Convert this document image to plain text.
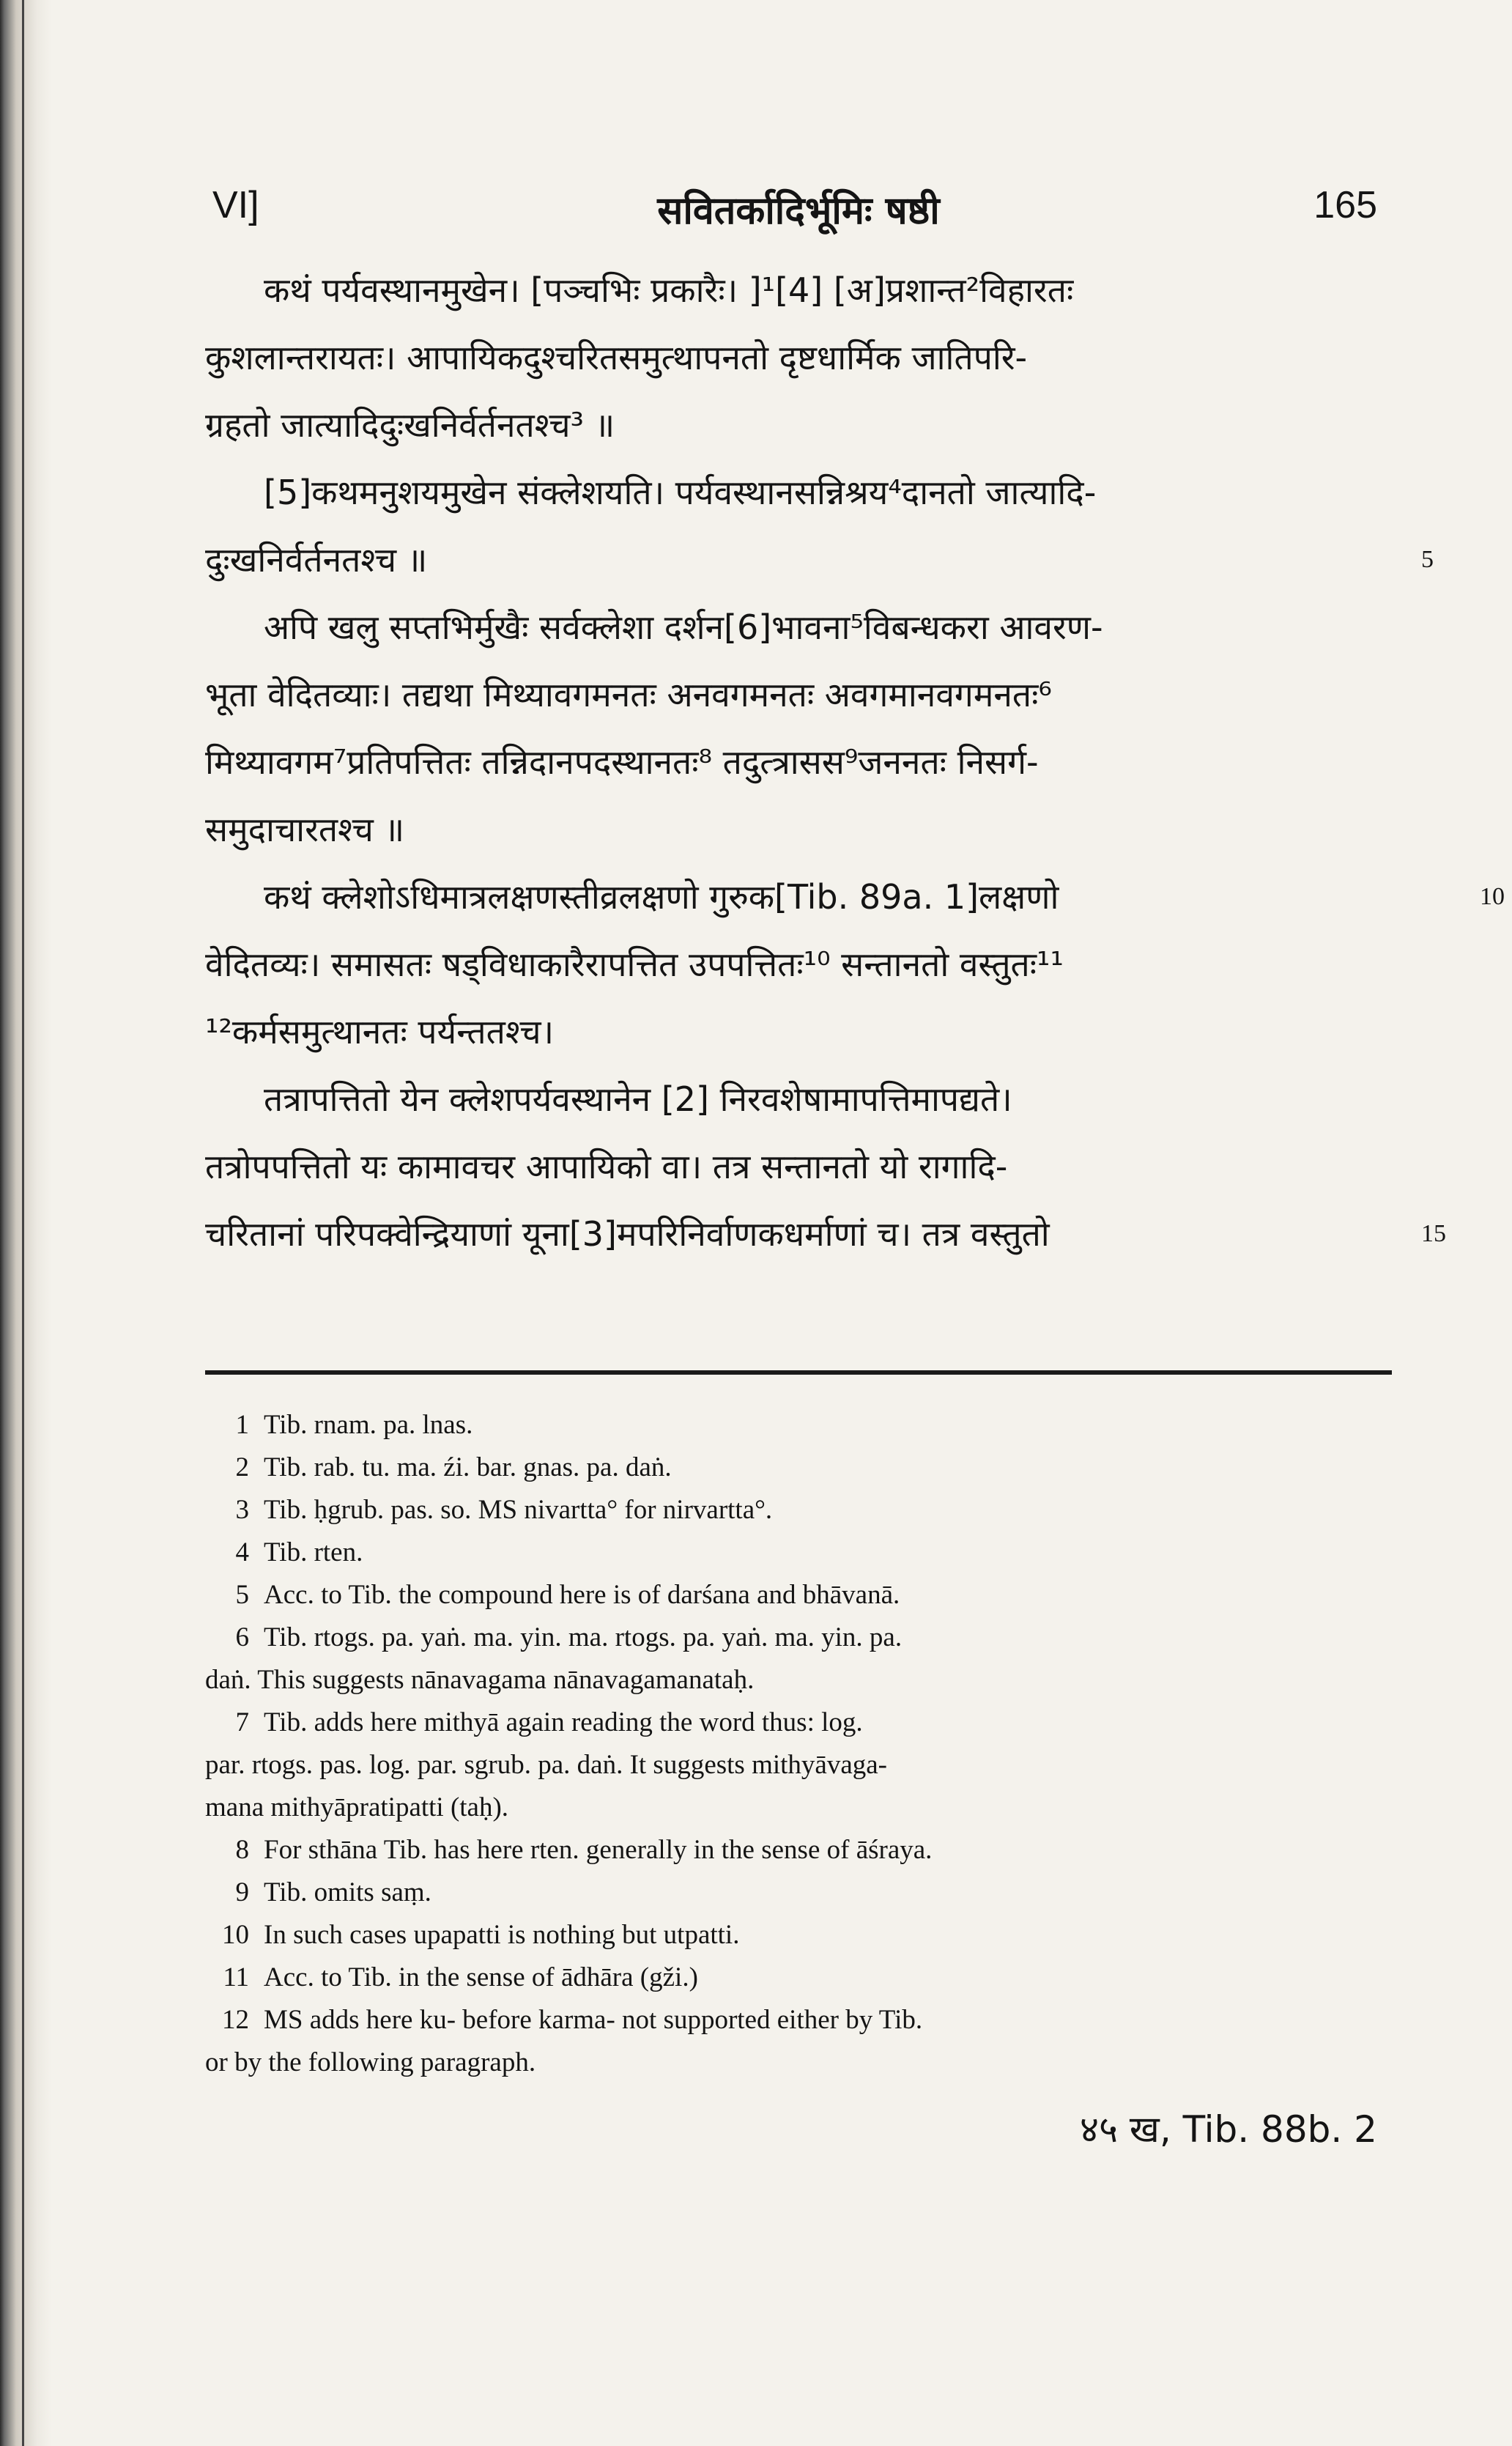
VI]	सवितर्कादिर्भूमिः षष्ठी	165
कथं पर्यवस्थानमुखेन। [पञ्चभिः प्रकारैः। ]¹[4] [अ]प्रशान्त²विहारतः
कुशलान्तरायतः। आपायिकदुश्चरितसमुत्थापनतो दृष्टधार्मिक जातिपरि-
ग्रहतो जात्यादिदुःखनिर्वर्तनतश्च³ ॥
[5]कथमनुशयमुखेन संक्लेशयति। पर्यवस्थानसन्निश्रय⁴दानतो जात्यादि-
दुःखनिर्वर्तनतश्च ॥	5
अपि खलु सप्तभिर्मुखैः सर्वक्लेशा दर्शन[6]भावना⁵विबन्धकरा आवरण-
भूता वेदितव्याः। तद्यथा मिथ्यावगमनतः अनवगमनतः अवगमानवगमनतः⁶
मिथ्यावगम⁷प्रतिपत्तितः तन्निदानपदस्थानतः⁸ तदुत्त्रासस⁹जननतः निसर्ग-
समुदाचारतश्च ॥
कथं क्लेशोऽधिमात्रलक्षणस्तीव्रलक्षणो गुरुक[Tib. 89a. 1]लक्षणो	10
वेदितव्यः। समासतः षड्विधाकारैरापत्तित उपपत्तितः¹⁰ सन्तानतो वस्तुतः¹¹
¹²कर्मसमुत्थानतः पर्यन्ततश्च।
तत्रापत्तितो येन क्लेशपर्यवस्थानेन [2] निरवशेषामापत्तिमापद्यते।
तत्रोपपत्तितो यः कामावचर आपायिको वा। तत्र सन्तानतो यो रागादि-
चरितानां परिपक्वेन्द्रियाणां यूना[3]मपरिनिर्वाणकधर्माणां च। तत्र वस्तुतो	15
1 Tib. rnam. pa. lnas.
2 Tib. rab. tu. ma. źi. bar. gnas. pa. daṅ.
3 Tib. ḥgrub. pas. so. MS nivartta° for nirvartta°.
4 Tib. rten.
5 Acc. to Tib. the compound here is of darśana and bhāvanā.
6 Tib. rtogs. pa. yaṅ. ma. yin. ma. rtogs. pa. yaṅ. ma. yin. pa.
daṅ. This suggests nānavagama nānavagamanataḥ.
7 Tib. adds here mithyā again reading the word thus: log.
par. rtogs. pas. log. par. sgrub. pa. daṅ. It suggests mithyāvaga-
mana mithyāpratipatti (taḥ).
8 For sthāna Tib. has here rten. generally in the sense of āśraya.
9 Tib. omits saṃ.
10 In such cases upapatti is nothing but utpatti.
11 Acc. to Tib. in the sense of ādhāra (gži.)
12 MS adds here ku- before karma- not supported either by Tib.
or by the following paragraph.
४५ ख, Tib. 88b. 2
